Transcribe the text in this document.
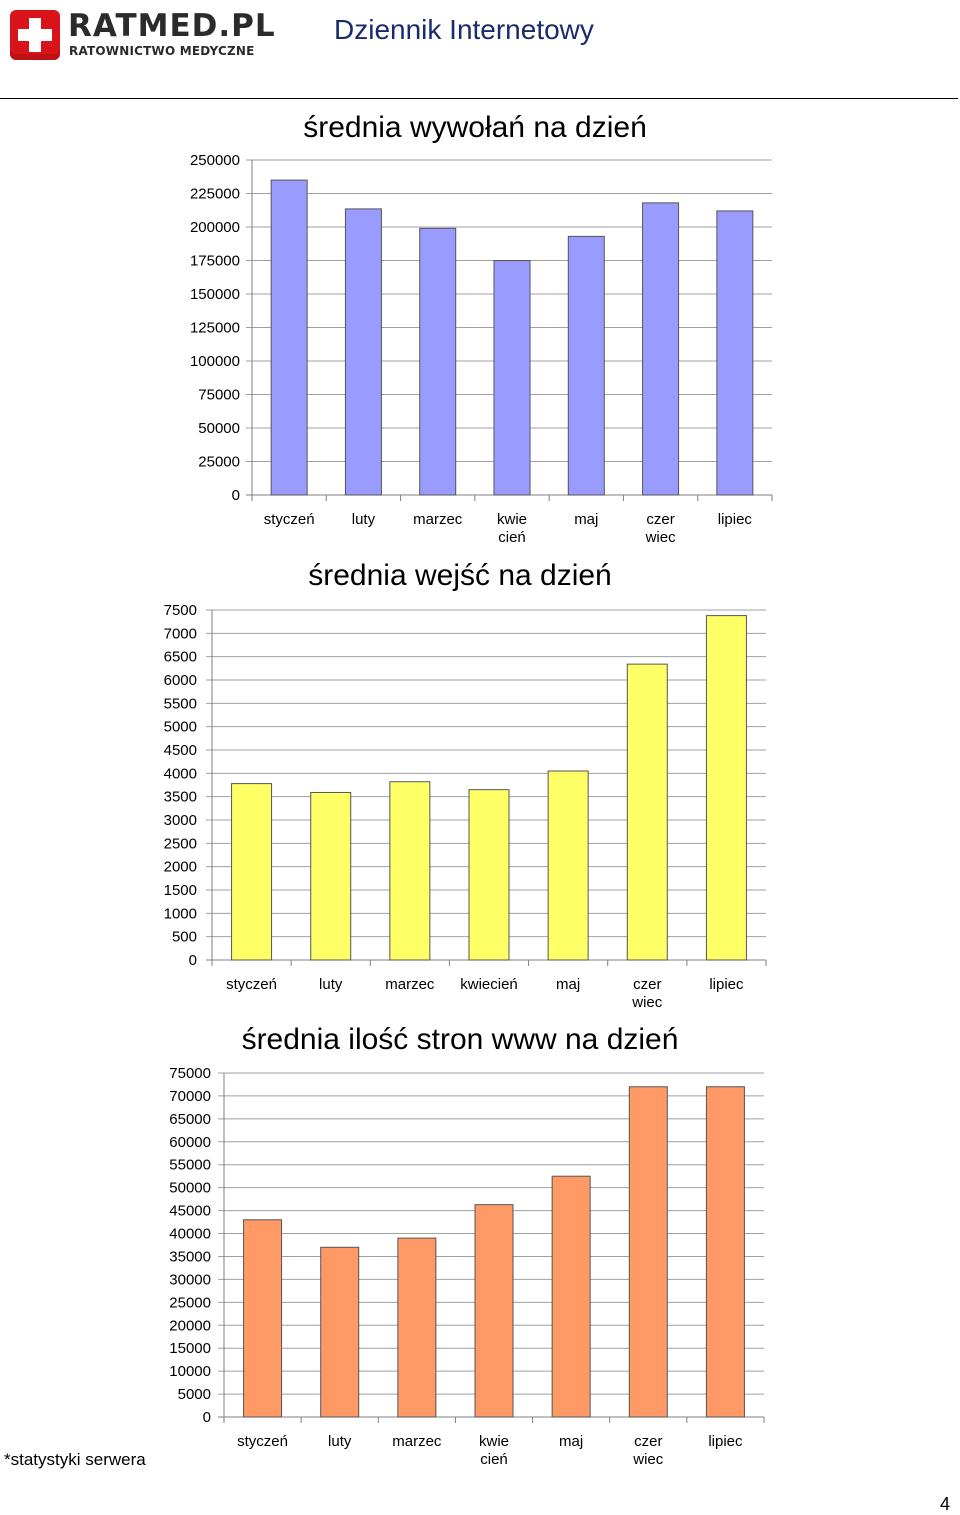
RATMED.PL
RATOWNICTWO MEDYCZNE
Dziennik Internetowy
średnia wywołań na dzień
0
25000
50000
75000
100000
125000
150000
175000
200000
225000
250000
styczeń luty	marzec kwie cień
maj	czer wiec
lipiec
średnia wejść na dzień
0
500
1000
1500
2000
2500
3000
3500
4000
4500
5000
5500
6000
6500
7000
7500
styczeń	luty	marzec kwiecień	maj	czer wiec
lipiec
średnia ilość stron www na dzień
0
5000
10000
15000
20000
25000
30000
35000
40000
45000
50000
55000
60000
65000
70000
75000
styczeń	luty	marzec	kwie cień
maj	czer wiec
lipiec
*statystyki serwera
4
